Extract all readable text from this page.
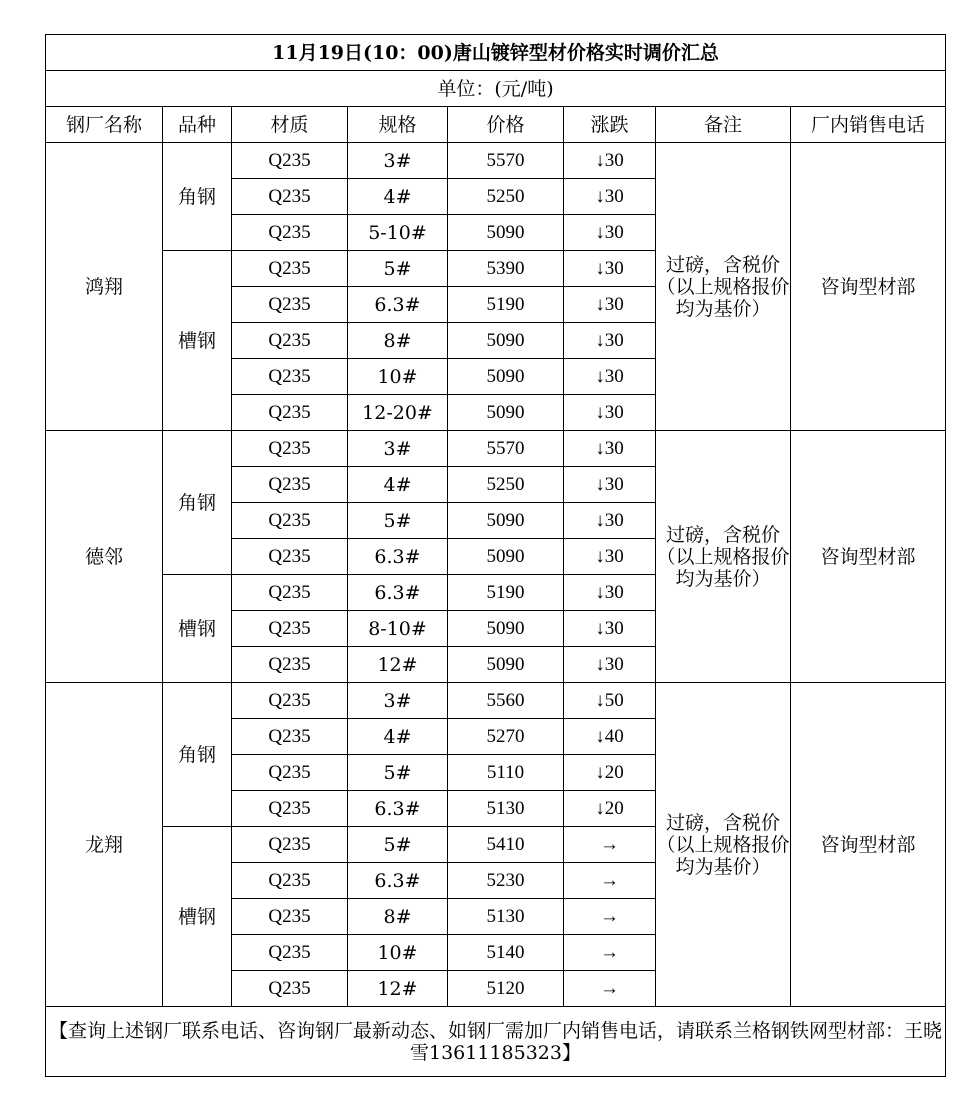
11月19日(10：00)唐山镀锌型材价格实时调价汇总							
单位：(元/吨)							
钢厂名称	品种	材质	规格	价格	涨跌	备注	厂内销售电话
鸿翔	角钢	Q235	3#	5570	↓30	过磅，含税价（以上规格报价均为基价）	咨询型材部
		Q235	4#	5250	↓30		
		Q235	5-10#	5090	↓30		
	槽钢	Q235	5#	5390	↓30		
		Q235	6.3#	5190	↓30		
		Q235	8#	5090	↓30		
		Q235	10#	5090	↓30		
		Q235	12-20#	5090	↓30		
德邻	角钢	Q235	3#	5570	↓30	过磅，含税价（以上规格报价均为基价）	咨询型材部
		Q235	4#	5250	↓30		
		Q235	5#	5090	↓30		
		Q235	6.3#	5090	↓30		
	槽钢	Q235	6.3#	5190	↓30		
		Q235	8-10#	5090	↓30		
		Q235	12#	5090	↓30		
龙翔	角钢	Q235	3#	5560	↓50	过磅，含税价（以上规格报价均为基价）	咨询型材部
		Q235	4#	5270	↓40		
		Q235	5#	5110	↓20		
		Q235	6.3#	5130	↓20		
	槽钢	Q235	5#	5410	→		
		Q235	6.3#	5230	→		
		Q235	8#	5130	→		
		Q235	10#	5140	→		
		Q235	12#	5120	→		
【查询上述钢厂联系电话、咨询钢厂最新动态、如钢厂需加厂内销售电话，请联系兰格钢铁网型材部：王晓雪13611185323】							
